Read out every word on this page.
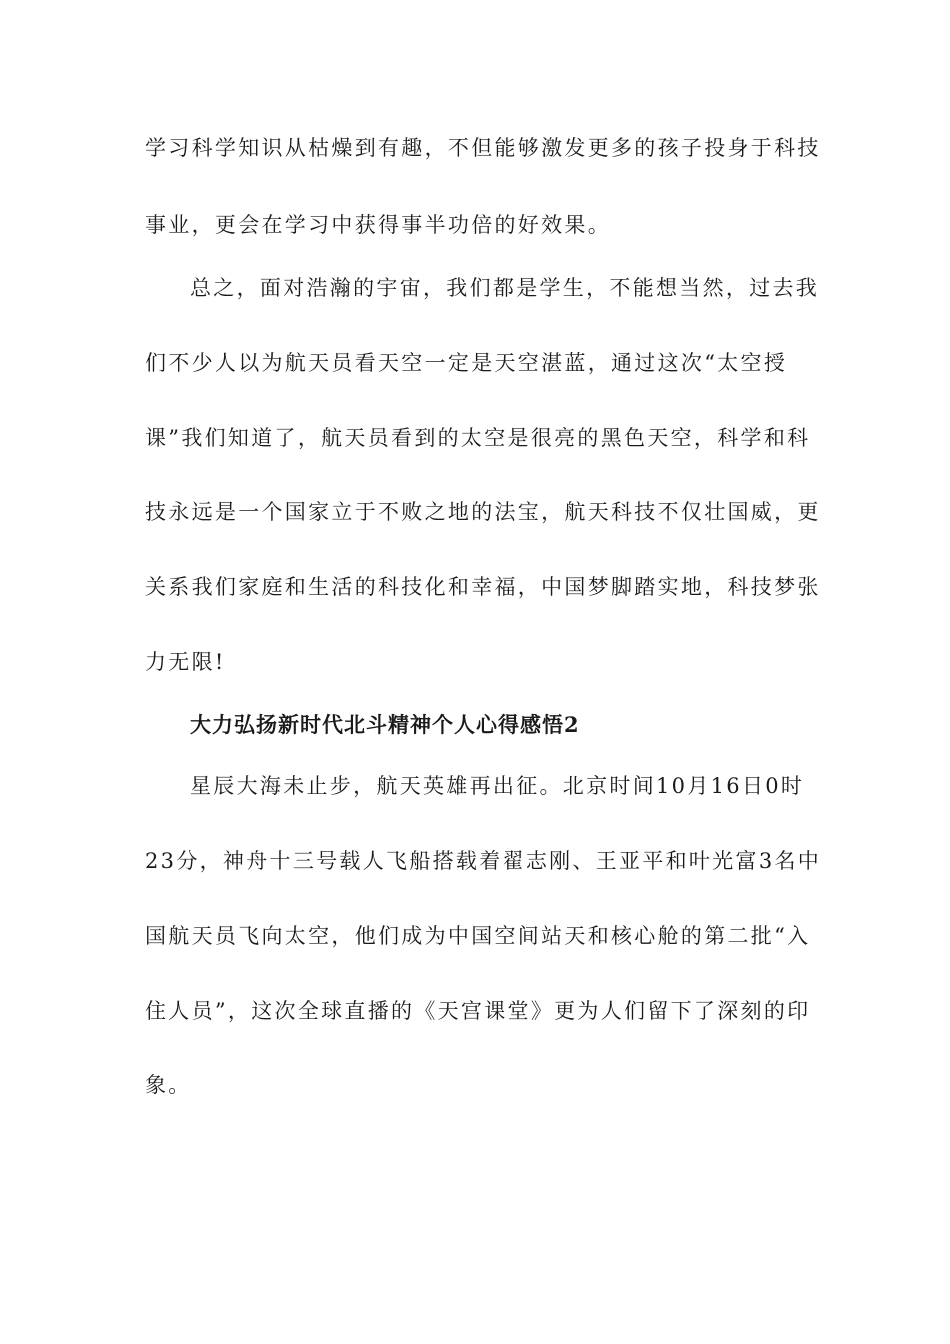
学习科学知识从枯燥到有趣，不但能够激发更多的孩子投身于科技
事业，更会在学习中获得事半功倍的好效果。
总之，面对浩瀚的宇宙，我们都是学生，不能想当然，过去我
们不少人以为航天员看天空一定是天空湛蓝，通过这次“太空授
课”我们知道了，航天员看到的太空是很亮的黑色天空，科学和科
技永远是一个国家立于不败之地的法宝，航天科技不仅壮国威，更
关系我们家庭和生活的科技化和幸福，中国梦脚踏实地，科技梦张
力无限!
大力弘扬新时代北斗精神个人心得感悟2
星辰大海未止步，航天英雄再出征。北京时间10月16日0时
23分，神舟十三号载人飞船搭载着翟志刚、王亚平和叶光富3名中
国航天员飞向太空，他们成为中国空间站天和核心舱的第二批“入
住人员”，这次全球直播的《天宫课堂》更为人们留下了深刻的印
象。
